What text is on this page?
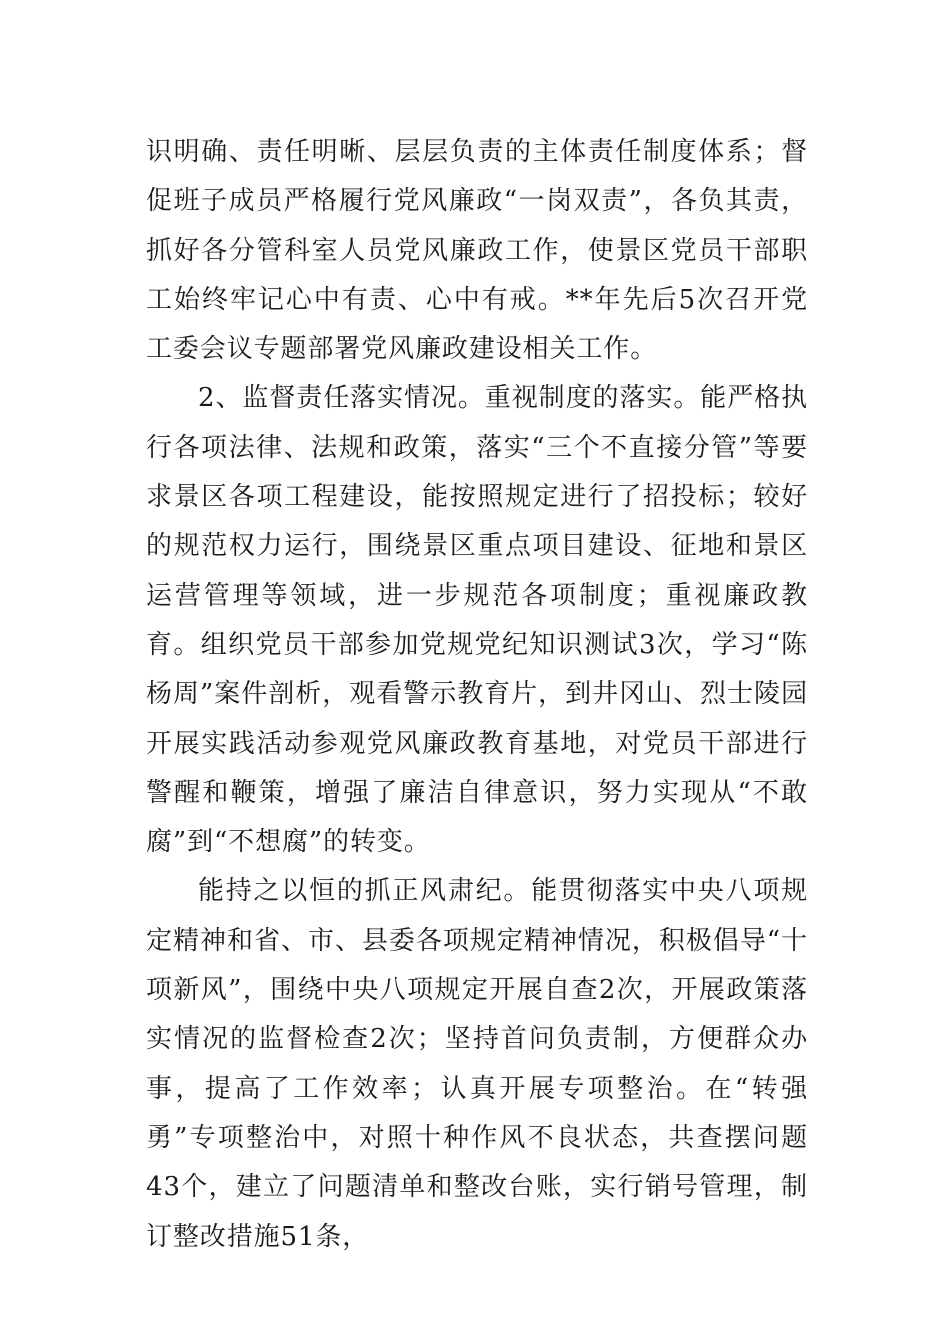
识明确、责任明晰、层层负责的主体责任制度体系；督促班子成员严格履行党风廉政“一岗双责”，各负其责，抓好各分管科室人员党风廉政工作，使景区党员干部职工始终牢记心中有责、心中有戒。**年先后5次召开党工委会议专题部署党风廉政建设相关工作。

2、监督责任落实情况。重视制度的落实。能严格执行各项法律、法规和政策，落实“三个不直接分管”等要求景区各项工程建设，能按照规定进行了招投标；较好的规范权力运行，围绕景区重点项目建设、征地和景区运营管理等领域，进一步规范各项制度；重视廉政教育。组织党员干部参加党规党纪知识测试3次，学习“陈杨周”案件剖析，观看警示教育片，到井冈山、烈士陵园开展实践活动参观党风廉政教育基地，对党员干部进行警醒和鞭策，增强了廉洁自律意识，努力实现从“不敢腐”到“不想腐”的转变。

能持之以恒的抓正风肃纪。能贯彻落实中央八项规定精神和省、市、县委各项规定精神情况，积极倡导“十项新风”，围绕中央八项规定开展自查2次，开展政策落实情况的监督检查2次；坚持首问负责制，方便群众办事，提高了工作效率；认真开展专项整治。在“转强勇”专项整治中，对照十种作风不良状态，共查摆问题43个，建立了问题清单和整改台账，实行销号管理，制订整改措施51条，
